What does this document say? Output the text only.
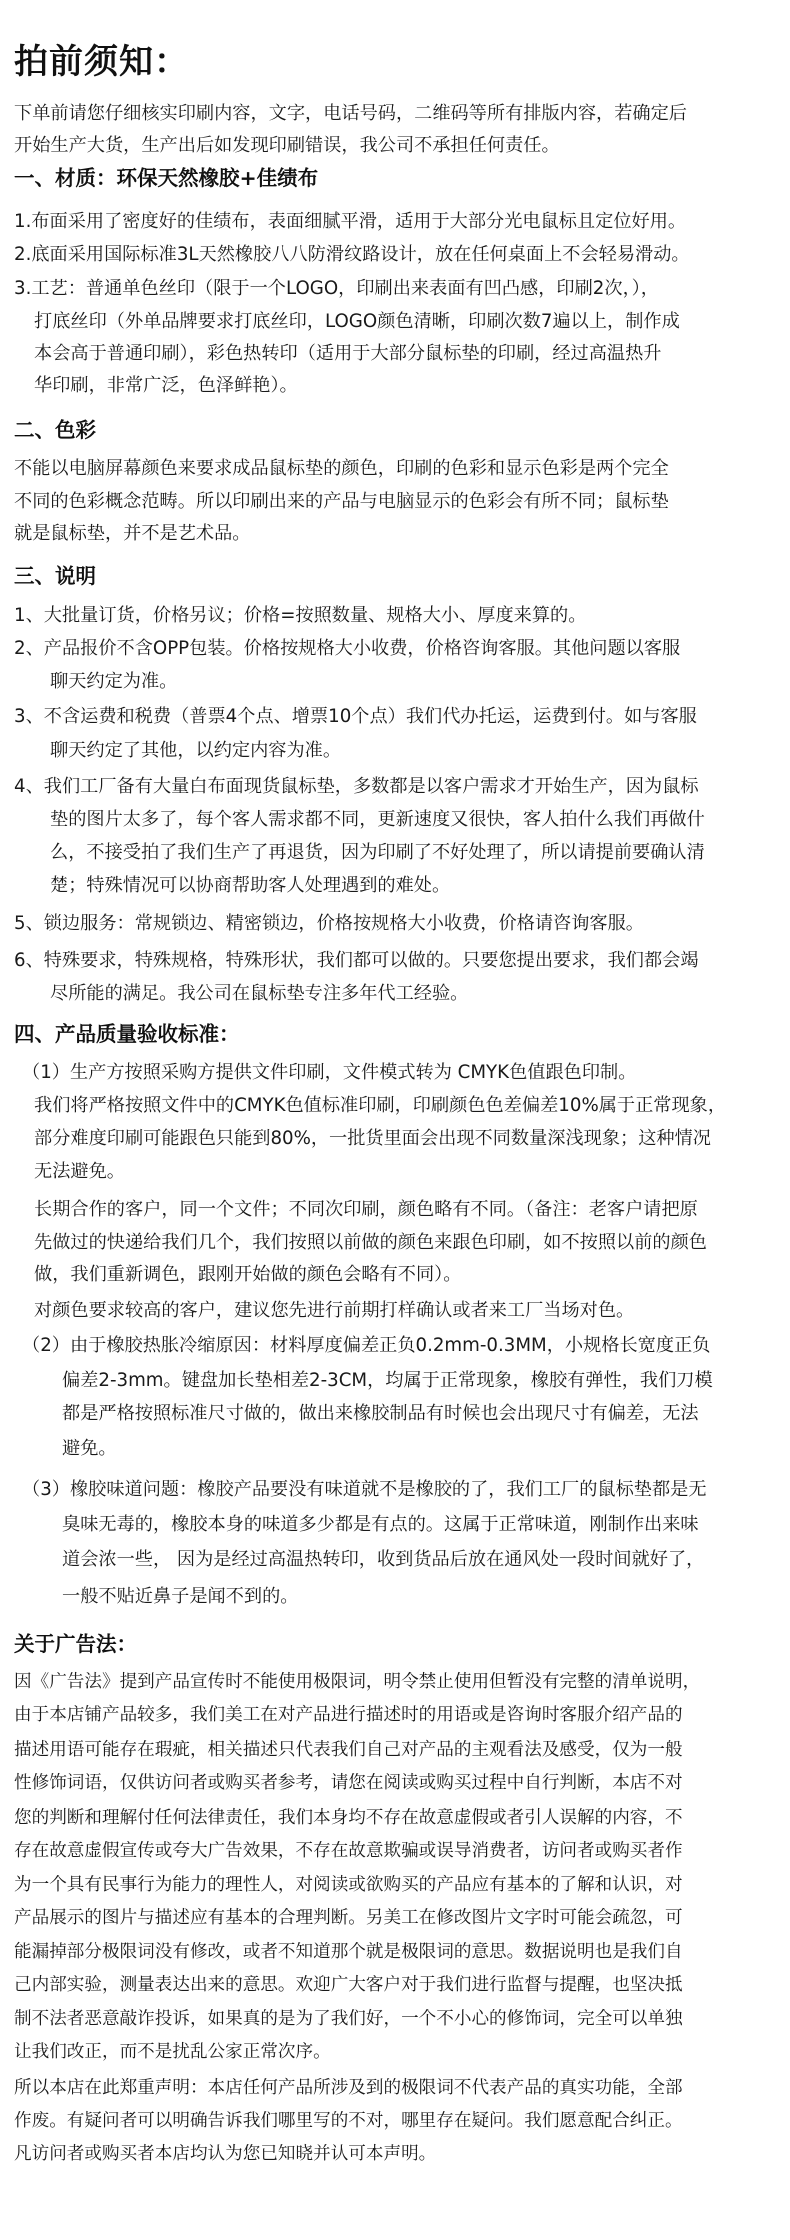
拍前须知：
下单前请您仔细核实印刷内容，文字，电话号码，二维码等所有排版内容，若确定后
开始生产大货，生产出后如发现印刷错误，我公司不承担任何责任。
一、材质：环保天然橡胶+佳绩布
1.布面采用了密度好的佳绩布，表面细腻平滑，适用于大部分光电鼠标且定位好用。
2.底面采用国际标准3L天然橡胶八八防滑纹路设计，放在任何桌面上不会轻易滑动。
3.工艺：普通单色丝印（限于一个LOGO，印刷出来表面有凹凸感，印刷2次，），
打底丝印（外单品牌要求打底丝印，LOGO颜色清晰，印刷次数7遍以上，制作成
本会高于普通印刷），彩色热转印（适用于大部分鼠标垫的印刷，经过高温热升
华印刷，非常广泛，色泽鲜艳）。
二、色彩
不能以电脑屏幕颜色来要求成品鼠标垫的颜色，印刷的色彩和显示色彩是两个完全
不同的色彩概念范畴。所以印刷出来的产品与电脑显示的色彩会有所不同；鼠标垫
就是鼠标垫，并不是艺术品。
三、说明
1、大批量订货，价格另议；价格=按照数量、规格大小、厚度来算的。
2、产品报价不含OPP包装。价格按规格大小收费，价格咨询客服。其他问题以客服
聊天约定为准。
3、不含运费和税费（普票4个点、增票10个点）我们代办托运，运费到付。如与客服
聊天约定了其他，以约定内容为准。
4、我们工厂备有大量白布面现货鼠标垫，多数都是以客户需求才开始生产，因为鼠标
垫的图片太多了，每个客人需求都不同，更新速度又很快，客人拍什么我们再做什
么，不接受拍了我们生产了再退货，因为印刷了不好处理了，所以请提前要确认清
楚；特殊情况可以协商帮助客人处理遇到的难处。
5、锁边服务：常规锁边、精密锁边，价格按规格大小收费，价格请咨询客服。
6、特殊要求，特殊规格，特殊形状，我们都可以做的。只要您提出要求，我们都会竭
尽所能的满足。我公司在鼠标垫专注多年代工经验。
四、产品质量验收标准：
（1）生产方按照采购方提供文件印刷，文件模式转为 CMYK色值跟色印制。
我们将严格按照文件中的CMYK色值标准印刷，印刷颜色色差偏差10%属于正常现象，
部分难度印刷可能跟色只能到80%，一批货里面会出现不同数量深浅现象；这种情况
无法避免。
长期合作的客户，同一个文件；不同次印刷，颜色略有不同。（备注：老客户请把原
先做过的快递给我们几个，我们按照以前做的颜色来跟色印刷，如不按照以前的颜色
做，我们重新调色，跟刚开始做的颜色会略有不同）。
对颜色要求较高的客户，建议您先进行前期打样确认或者来工厂当场对色。
（2）由于橡胶热胀冷缩原因：材料厚度偏差正负0.2mm-0.3MM，小规格长宽度正负
偏差2-3mm。键盘加长垫相差2-3CM，均属于正常现象，橡胶有弹性，我们刀模
都是严格按照标准尺寸做的，做出来橡胶制品有时候也会出现尺寸有偏差，无法
避免。
（3）橡胶味道问题：橡胶产品要没有味道就不是橡胶的了，我们工厂的鼠标垫都是无
臭味无毒的，橡胶本身的味道多少都是有点的。这属于正常味道，刚制作出来味
道会浓一些， 因为是经过高温热转印，收到货品后放在通风处一段时间就好了，
一般不贴近鼻子是闻不到的。
关于广告法：
因《广告法》提到产品宣传时不能使用极限词，明令禁止使用但暂没有完整的清单说明，
由于本店铺产品较多，我们美工在对产品进行描述时的用语或是咨询时客服介绍产品的
描述用语可能存在瑕疵，相关描述只代表我们自己对产品的主观看法及感受，仅为一般
性修饰词语，仅供访问者或购买者参考，请您在阅读或购买过程中自行判断，本店不对
您的判断和理解付任何法律责任，我们本身均不存在故意虚假或者引人误解的内容，不
存在故意虚假宣传或夸大广告效果，不存在故意欺骗或误导消费者，访问者或购买者作
为一个具有民事行为能力的理性人，对阅读或欲购买的产品应有基本的了解和认识，对
产品展示的图片与描述应有基本的合理判断。另美工在修改图片文字时可能会疏忽，可
能漏掉部分极限词没有修改，或者不知道那个就是极限词的意思。数据说明也是我们自
己内部实验，测量表达出来的意思。欢迎广大客户对于我们进行监督与提醒，也坚决抵
制不法者恶意敲诈投诉，如果真的是为了我们好，一个不小心的修饰词，完全可以单独
让我们改正，而不是扰乱公家正常次序。
所以本店在此郑重声明：本店任何产品所涉及到的极限词不代表产品的真实功能，全部
作废。有疑问者可以明确告诉我们哪里写的不对，哪里存在疑问。我们愿意配合纠正。
凡访问者或购买者本店均认为您已知晓并认可本声明。
